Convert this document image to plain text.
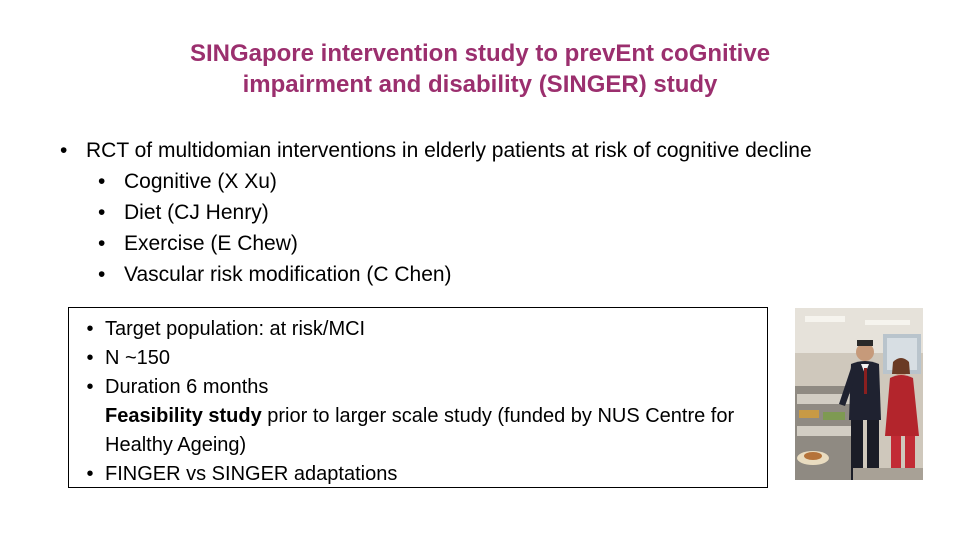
SINGapore intervention study to prevEnt coGnitive
impairment and disability (SINGER) study
• RCT of multidomian interventions in elderly patients at risk of cognitive decline
• Cognitive (X Xu)
• Diet (CJ Henry)
• Exercise (E Chew)
• Vascular risk modification (C Chen)
• Target population: at risk/MCI
• N ~150
• Duration 6 months
Feasibility study prior to larger scale study (funded by NUS Centre for Healthy Ageing)
• FINGER vs SINGER adaptations
